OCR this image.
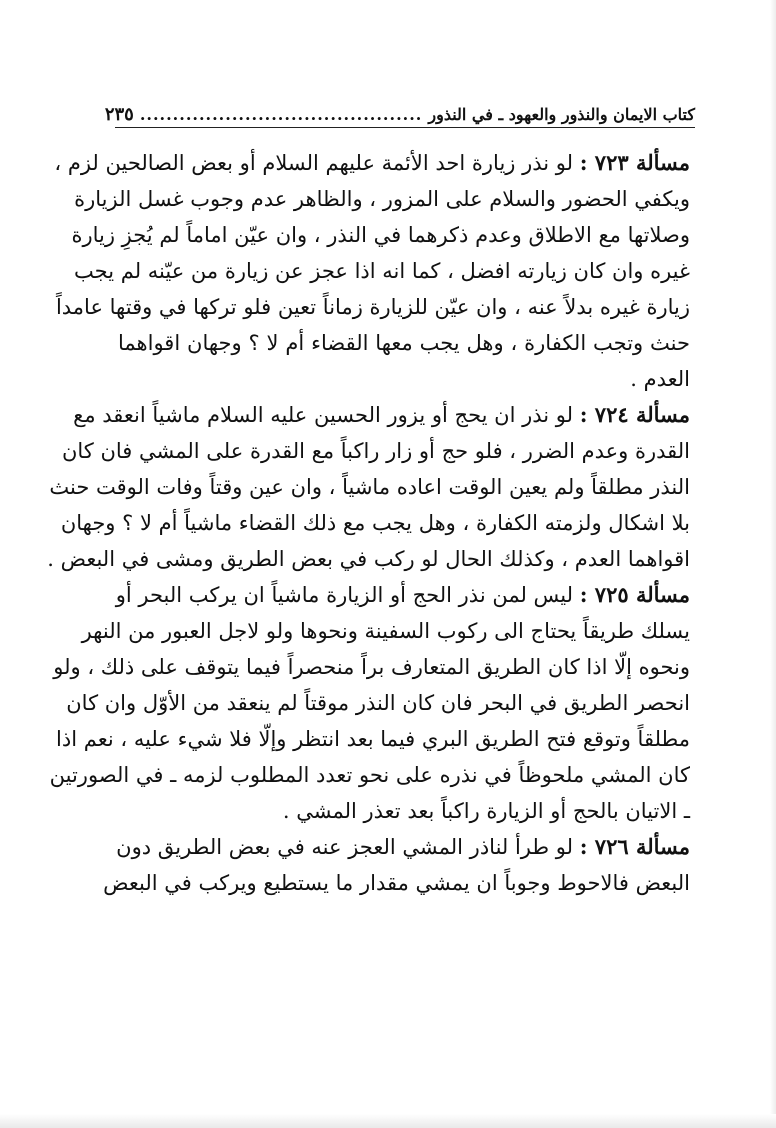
كتاب الايمان والنذور والعهود ـ في النذور
...........................................
٢٣٥
مسألة ٧٢٣ : لو نذر زيارة احد الأئمة عليهم السلام أو بعض الصالحين لزم ،
ويكفي الحضور والسلام على المزور ، والظاهر عدم وجوب غسل الزيارة
وصلاتها مع الاطلاق وعدم ذكرهما في النذر ، وان عيّن اماماً لم يُجزِ زيارة
غيره وان كان زيارته افضل ، كما انه اذا عجز عن زيارة من عيّنه لم يجب
زيارة غيره بدلاً عنه ، وان عيّن للزيارة زماناً تعين فلو تركها في وقتها عامداً
حنث وتجب الكفارة ، وهل يجب معها القضاء أم لا ؟ وجهان اقواهما
العدم .
مسألة ٧٢٤ : لو نذر ان يحج أو يزور الحسين عليه السلام ماشياً انعقد مع
القدرة وعدم الضرر ، فلو حج أو زار راكباً مع القدرة على المشي فان كان
النذر مطلقاً ولم يعين الوقت اعاده ماشياً ، وان عين وقتاً وفات الوقت حنث
بلا اشكال ولزمته الكفارة ، وهل يجب مع ذلك القضاء ماشياً أم لا ؟ وجهان
اقواهما العدم ، وكذلك الحال لو ركب في بعض الطريق ومشى في البعض .
مسألة ٧٢٥ : ليس لمن نذر الحج أو الزيارة ماشياً ان يركب البحر أو
يسلك طريقاً يحتاج الى ركوب السفينة ونحوها ولو لاجل العبور من النهر
ونحوه إلّا اذا كان الطريق المتعارف براً منحصراً فيما يتوقف على ذلك ، ولو
انحصر الطريق في البحر فان كان النذر موقتاً لم ينعقد من الأوّل وان كان
مطلقاً وتوقع فتح الطريق البري فيما بعد انتظر وإلّا فلا شيء عليه ، نعم اذا
كان المشي ملحوظاً في نذره على نحو تعدد المطلوب لزمه ـ في الصورتين
ـ الاتيان بالحج أو الزيارة راكباً بعد تعذر المشي .
مسألة ٧٢٦ : لو طرأ لناذر المشي العجز عنه في بعض الطريق دون
البعض فالاحوط وجوباً ان يمشي مقدار ما يستطيع ويركب في البعض
